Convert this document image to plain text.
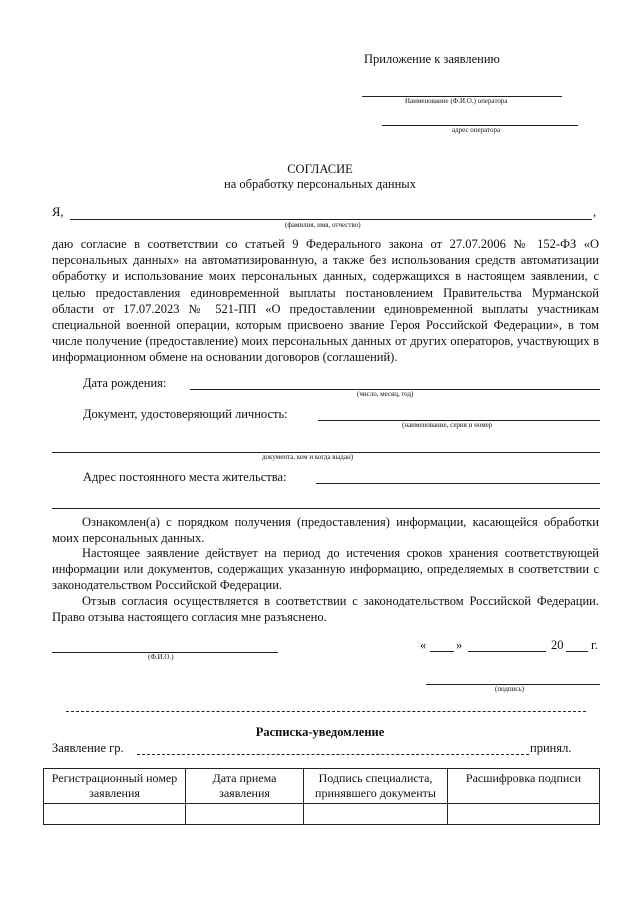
Приложение к заявлению
Наименование (Ф.И.О.) оператора
адрес оператора
СОГЛАСИЕ
на обработку персональных данных
Я,	,
(фамилия, имя, отчество)

даю согласие в соответствии со статьей 9 Федерального закона от 27.07.2006 № 152-ФЗ «О персональных данных» на автоматизированную, а также без использования средств автоматизации обработку и использование моих персональных данных, содержащихся в настоящем заявлении, с целью предоставления единовременной выплаты постановлением Правительства Мурманской области от 17.07.2023 № 521-ПП «О предоставлении единовременной выплаты участникам специальной военной операции, которым присвоено звание Героя Российской Федерации», в том числе получение (предоставление) моих персональных данных от других операторов, участвующих в информационном обмене на основании договоров (соглашений).

Дата рождения:
(число, месяц, год)
Документ, удостоверяющий личность:
(наименование, серия и номер
документа, кем и когда выдан)
Адрес постоянного места жительства:

Ознакомлен(а) с порядком получения (предоставления) информации, касающейся обработки моих персональных данных.

Настоящее заявление действует на период до истечения сроков хранения соответствующей информации или документов, содержащих указанную информацию, определяемых в соответствии с законодательством Российской Федерации.

Отзыв согласия осуществляется в соответствии с законодательством Российской Федерации. Право отзыва настоящего согласия мне разъяснено.

(Ф.И.О.)
« »	20 г.
(подпись)
Расписка-уведомление
Заявление гр.	принял.
Регистрационный номер заявления	Дата приема заявления	Подпись специалиста, принявшего документы	Расшифровка подписи
